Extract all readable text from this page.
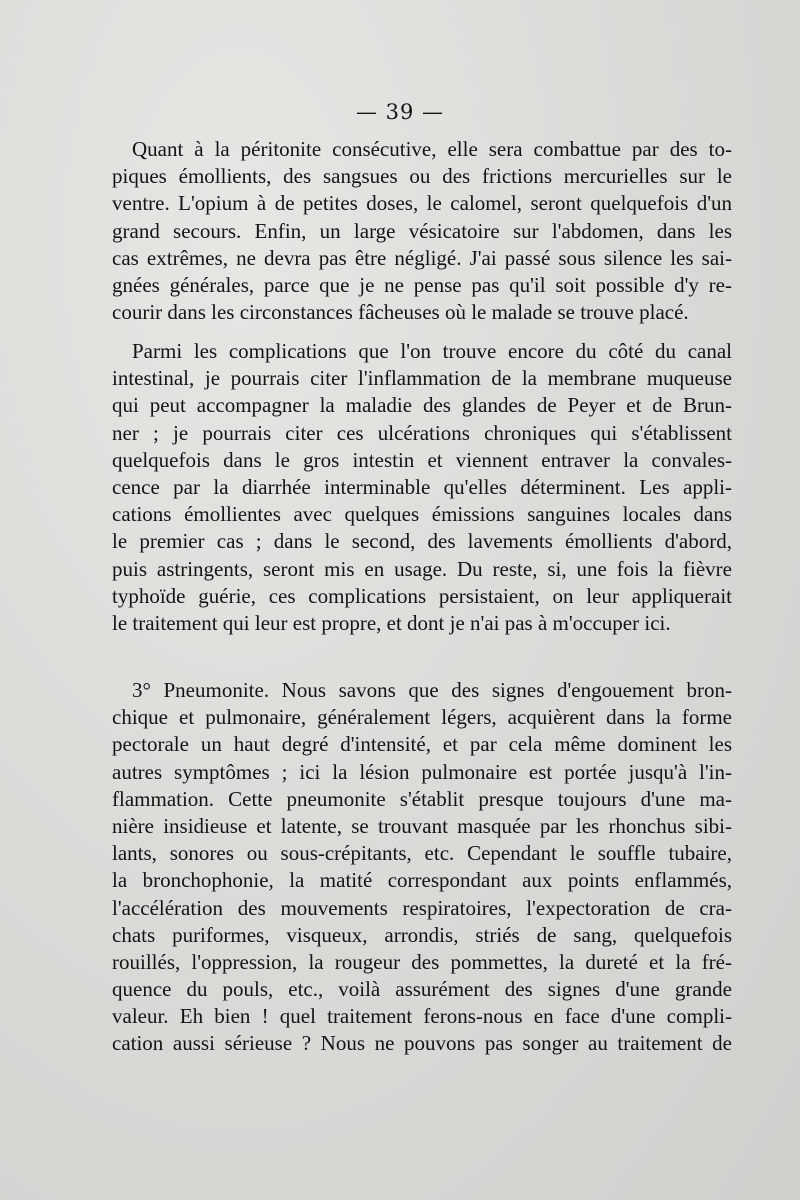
— 39 —
Quant à la péritonite consécutive, elle sera combattue par des to-
piques émollients, des sangsues ou des frictions mercurielles sur le
ventre. L'opium à de petites doses, le calomel, seront quelquefois d'un
grand secours. Enfin, un large vésicatoire sur l'abdomen, dans les
cas extrêmes, ne devra pas être négligé. J'ai passé sous silence les sai-
gnées générales, parce que je ne pense pas qu'il soit possible d'y re-
courir dans les circonstances fâcheuses où le malade se trouve placé.
Parmi les complications que l'on trouve encore du côté du canal
intestinal, je pourrais citer l'inflammation de la membrane muqueuse
qui peut accompagner la maladie des glandes de Peyer et de Brun-
ner ; je pourrais citer ces ulcérations chroniques qui s'établissent
quelquefois dans le gros intestin et viennent entraver la convales-
cence par la diarrhée interminable qu'elles déterminent. Les appli-
cations émollientes avec quelques émissions sanguines locales dans
le premier cas ; dans le second, des lavements émollients d'abord,
puis astringents, seront mis en usage. Du reste, si, une fois la fièvre
typhoïde guérie, ces complications persistaient, on leur appliquerait
le traitement qui leur est propre, et dont je n'ai pas à m'occuper ici.
3° Pneumonite. Nous savons que des signes d'engouement bron-
chique et pulmonaire, généralement légers, acquièrent dans la forme
pectorale un haut degré d'intensité, et par cela même dominent les
autres symptômes ; ici la lésion pulmonaire est portée jusqu'à l'in-
flammation. Cette pneumonite s'établit presque toujours d'une ma-
nière insidieuse et latente, se trouvant masquée par les rhonchus sibi-
lants, sonores ou sous-crépitants, etc. Cependant le souffle tubaire,
la bronchophonie, la matité correspondant aux points enflammés,
l'accélération des mouvements respiratoires, l'expectoration de cra-
chats puriformes, visqueux, arrondis, striés de sang, quelquefois
rouillés, l'oppression, la rougeur des pommettes, la dureté et la fré-
quence du pouls, etc., voilà assurément des signes d'une grande
valeur. Eh bien ! quel traitement ferons-nous en face d'une compli-
cation aussi sérieuse ? Nous ne pouvons pas songer au traitement de
